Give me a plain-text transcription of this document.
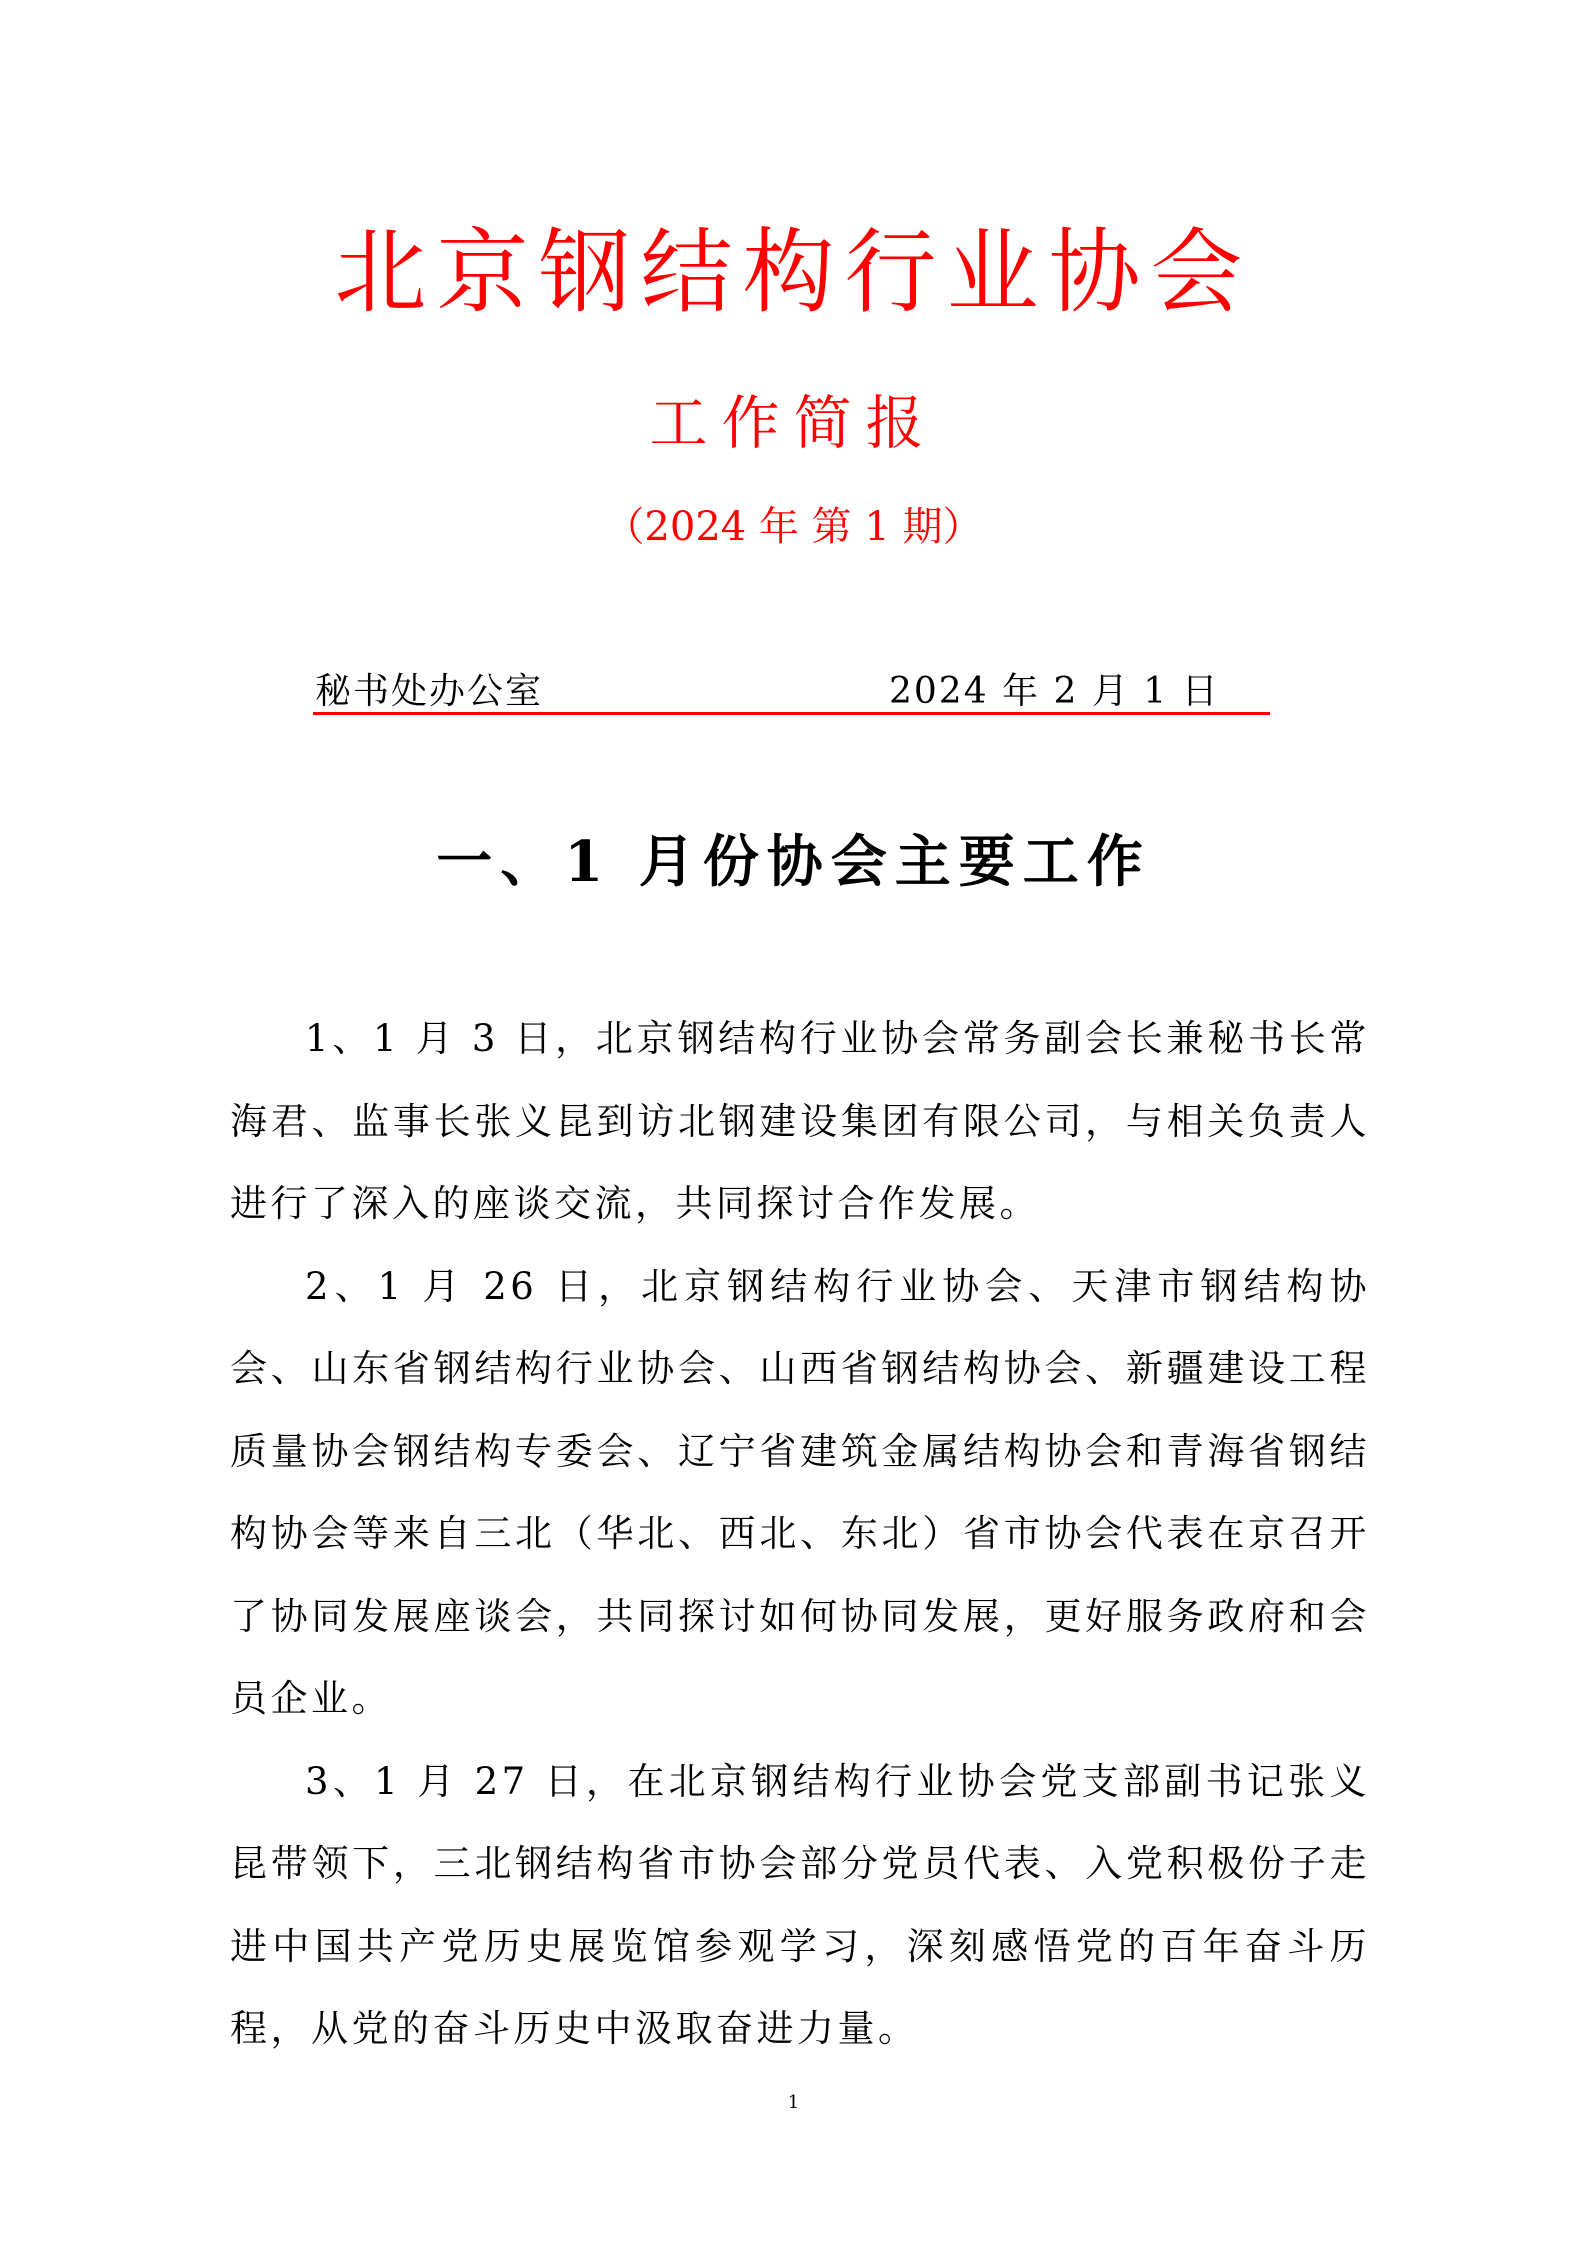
北京钢结构行业协会
工作简报
（2024 年 第 1 期）
秘书处办公室	2024 年 2 月 1 日
一、1 月份协会主要工作

1、1 月 3 日，北京钢结构行业协会常务副会长兼秘书长常海君、监事长张义昆到访北钢建设集团有限公司，与相关负责人进行了深入的座谈交流，共同探讨合作发展。

2、1 月 26 日，北京钢结构行业协会、天津市钢结构协会、山东省钢结构行业协会、山西省钢结构协会、新疆建设工程质量协会钢结构专委会、辽宁省建筑金属结构协会和青海省钢结构协会等来自三北（华北、西北、东北）省市协会代表在京召开了协同发展座谈会，共同探讨如何协同发展，更好服务政府和会员企业。

3、1 月 27 日，在北京钢结构行业协会党支部副书记张义昆带领下，三北钢结构省市协会部分党员代表、入党积极份子走进中国共产党历史展览馆参观学习，深刻感悟党的百年奋斗历程，从党的奋斗历史中汲取奋进力量。

1
